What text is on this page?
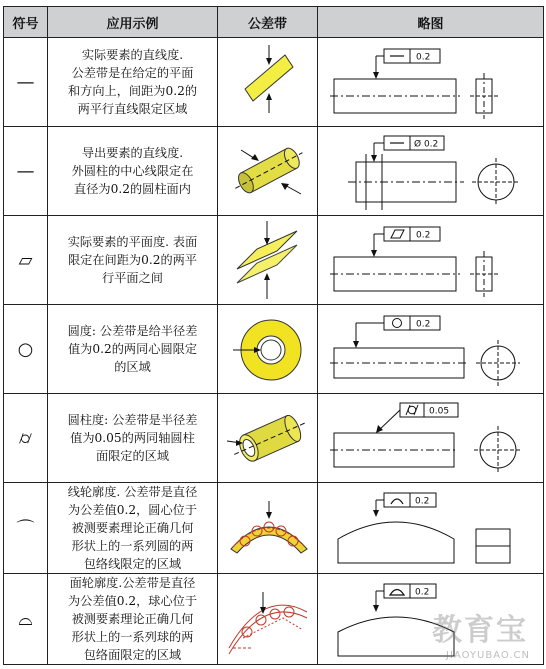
符号	应用示例	公差带	略图
—	实际要素的直线度.
公差带是在给定的平面
和方向上，间距为0.2的
两平行直线限定区域		0.2

—	导出要素的直线度.
外圆柱的中心线限定在
直径为0.2的圆柱面内		Ø 0.2

▱	实际要素的平面度. 表面
限定在间距为0.2的两平
行平面之间		0.2

○	圆度: 公差带是给半径差
值为0.2的两同心圆限定
的区域		0.2

⌭	圆柱度: 公差带是半径差
值为0.05的两同轴圆柱
面限定的区域		0.05

⌒	线轮廓度. 公差带是直径
为公差值0.2，圆心位于
被测要素理论正确几何
形状上的一系列圆的两
包络线限定的区域		0.2

⌓	面轮廓度.公差带是直径
为公差值0.2，球心位于
被测要素理论正确几何
形状上的一系列球的两
包络面限定的区域		0.2
教育宝
JIAOYUBAO.CN
